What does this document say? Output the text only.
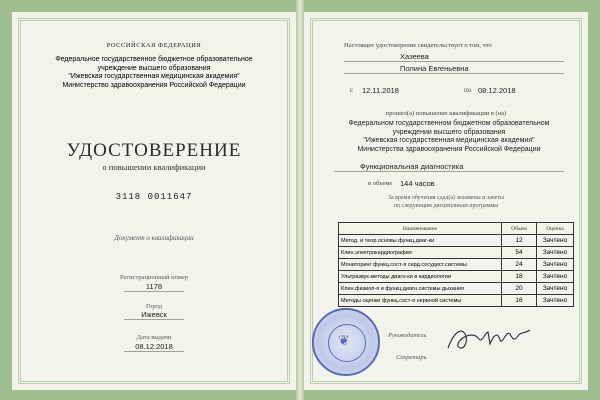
РОССИЙСКАЯ ФЕДЕРАЦИЯ
Федеральное государственное бюджетное образовательное
учреждение высшего образования
"Ижевская государственная медицинская академия"
Министерство здравоохранения Российской Федерации
УДОСТОВЕРЕНИЕ
о повышении квалификации
3118 0011647
Документ о квалификации
Регистрационный номер
1178
Город
Ижевск
Дата выдачи
08.12.2018
Настоящее удостоверение свидетельствует о том, что
Хазеева
Полина Евгеньевна
с 12.11.2018	по 08.12.2018
прошел(а) повышение квалификации в (на)
Федеральном государственном бюджетном образовательном
учреждении высшего образования
"Ижевская государственная медицинская академия"
Министерства здравоохранения Российской Федерации
Функциональная диагностика
в объеме 144 часов
За время обучения сдал(а) экзамены и зачеты
по следующим дисциплинам программы
Наименование	Объем	Оценка
Метод. и теор.основы функц.диаг-ки	12	Зачтено
Клин.электрокардиография	54	Зачтено
Мониторинг функц.сост-я серд.сосудист.системы	24	Зачтено
Ультразвук.методы диагн-ки в кардиологии	18	Зачтено
Клин.физиол-я и функц.диагн.системы дыхания	20	Зачтено
Методы оценки функц.сост-я нервной системы	16	Зачтено
❦	Руководитель
Секретарь
